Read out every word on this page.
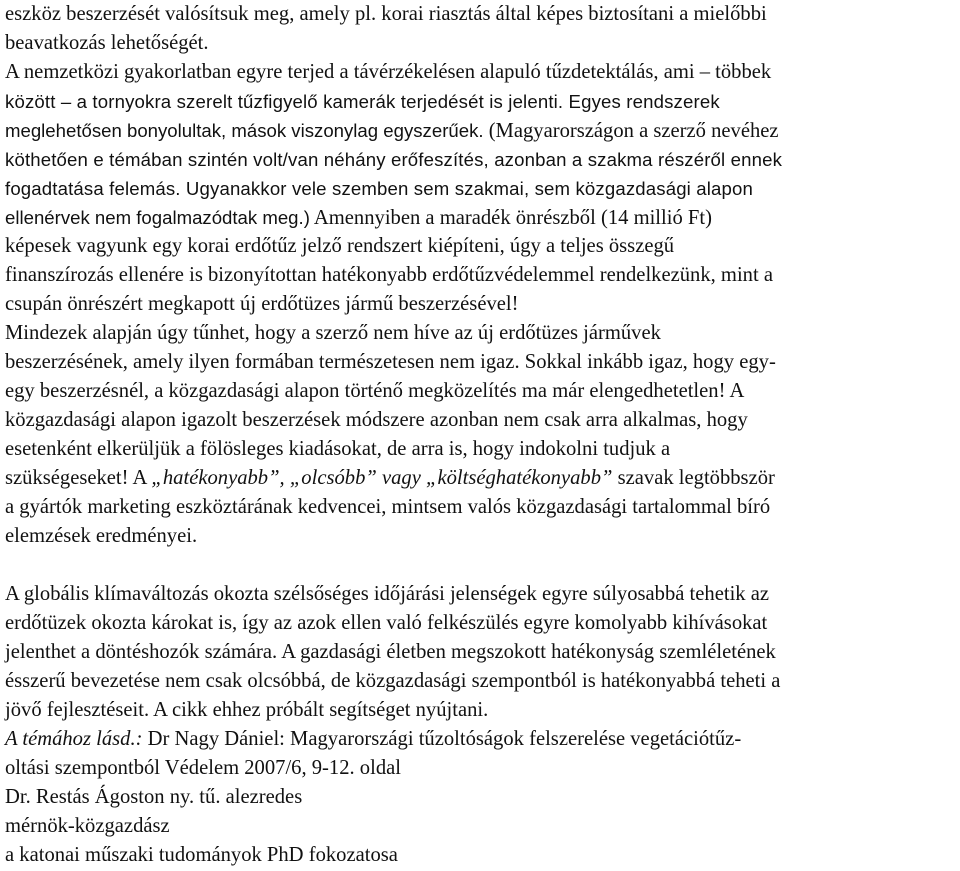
eszköz beszerzését valósítsuk meg, amely pl. korai riasztás által képes biztosítani a mielőbbi
beavatkozás lehetőségét.
A nemzetközi gyakorlatban egyre terjed a távérzékelésen alapuló tűzdetektálás, ami – többek
között – a tornyokra szerelt tűzfigyelő kamerák terjedését is jelenti. Egyes rendszerek
meglehetősen bonyolultak, mások viszonylag egyszerűek. (Magyarországon a szerző nevéhez
köthetően e témában szintén volt/van néhány erőfeszítés, azonban a szakma részéről ennek
fogadtatása felemás. Ugyanakkor vele szemben sem szakmai, sem közgazdasági alapon
ellenérvek nem fogalmazódtak meg.) Amennyiben a maradék önrészből (14 millió Ft)
képesek vagyunk egy korai erdőtűz jelző rendszert kiépíteni, úgy a teljes összegű
finanszírozás ellenére is bizonyítottan hatékonyabb erdőtűzvédelemmel rendelkezünk, mint a
csupán önrészért megkapott új erdőtüzes jármű beszerzésével!
Mindezek alapján úgy tűnhet, hogy a szerző nem híve az új erdőtüzes járművek
beszerzésének, amely ilyen formában természetesen nem igaz. Sokkal inkább igaz, hogy egy-
egy beszerzésnél, a közgazdasági alapon történő megközelítés ma már elengedhetetlen! A
közgazdasági alapon igazolt beszerzések módszere azonban nem csak arra alkalmas, hogy
esetenként elkerüljük a fölösleges kiadásokat, de arra is, hogy indokolni tudjuk a
szükségeseket! A „hatékonyabb”, „olcsóbb” vagy „költséghatékonyabb” szavak legtöbbször
a gyártók marketing eszköztárának kedvencei, mintsem valós közgazdasági tartalommal bíró
elemzések eredményei.
A globális klímaváltozás okozta szélsőséges időjárási jelenségek egyre súlyosabbá tehetik az
erdőtüzek okozta károkat is, így az azok ellen való felkészülés egyre komolyabb kihívásokat
jelenthet a döntéshozók számára. A gazdasági életben megszokott hatékonyság szemléletének
ésszerű bevezetése nem csak olcsóbbá, de közgazdasági szempontból is hatékonyabbá teheti a
jövő fejlesztéseit. A cikk ehhez próbált segítséget nyújtani.
A témához lásd.: Dr Nagy Dániel: Magyarországi tűzoltóságok felszerelése vegetációtűz-
oltási szempontból Védelem 2007/6, 9-12. oldal
Dr. Restás Ágoston ny. tű. alezredes
mérnök-közgazdász
a katonai műszaki tudományok PhD fokozatosa
